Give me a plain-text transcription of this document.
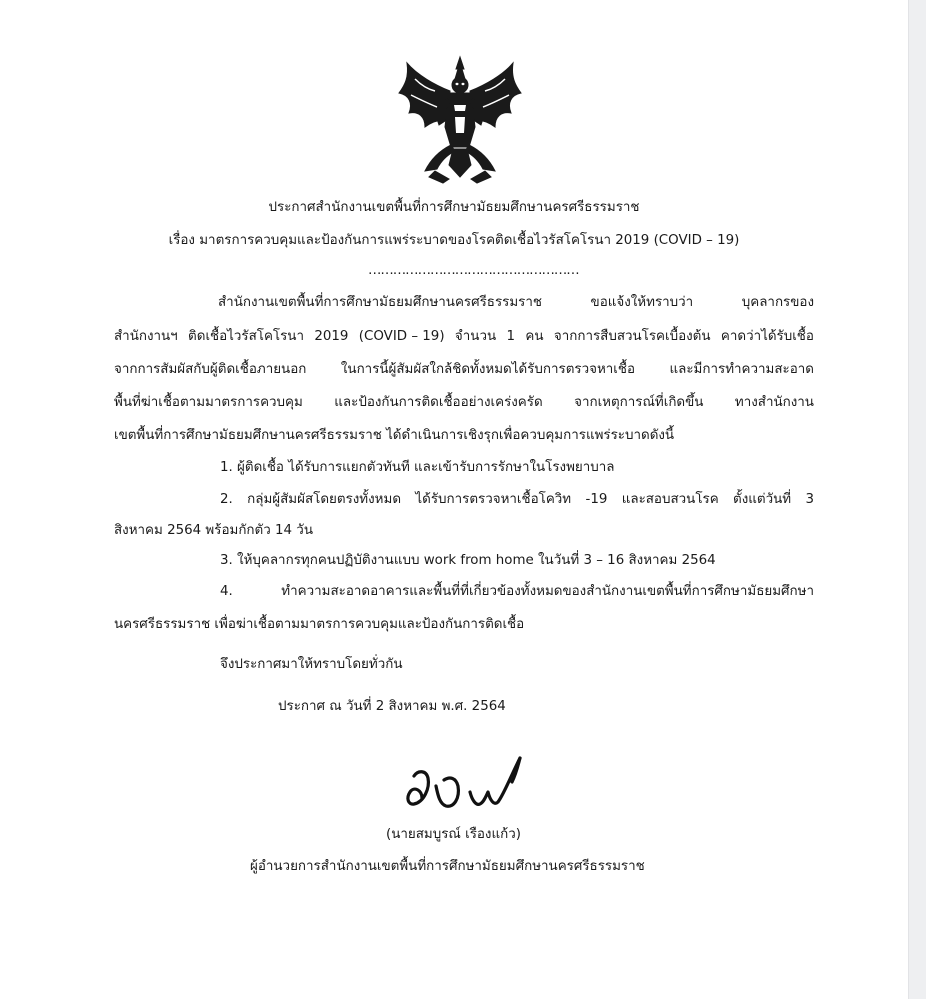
ประกาศสำนักงานเขตพื้นที่การศึกษามัธยมศึกษานครศรีธรรมราช
เรื่อง มาตรการควบคุมและป้องกันการแพร่ระบาดของโรคติดเชื้อไวรัสโคโรนา 2019 (COVID – 19)
……………………………………………
สำนักงานเขตพื้นที่การศึกษามัธยมศึกษานครศรีธรรมราช	ขอแจ้งให้ทราบว่า	บุคลากรของ
สำนักงานฯ ติดเชื้อไวรัสโคโรนา 2019 (COVID – 19) จำนวน 1 คน จากการสืบสวนโรคเบื้องต้น คาดว่าได้รับเชื้อ
จากการสัมผัสกับผู้ติดเชื้อภายนอก	ในการนี้ผู้สัมผัสใกล้ชิดทั้งหมดได้รับการตรวจหาเชื้อ	และมีการทำความสะอาด
พื้นที่ฆ่าเชื้อตามมาตรการควบคุม และป้องกันการติดเชื้ออย่างเคร่งครัด จากเหตุการณ์ที่เกิดขึ้น ทางสำนักงาน
เขตพื้นที่การศึกษามัธยมศึกษานครศรีธรรมราช ได้ดำเนินการเชิงรุกเพื่อควบคุมการแพร่ระบาดดังนี้
1. ผู้ติดเชื้อ ได้รับการแยกตัวทันที และเข้ารับการรักษาในโรงพยาบาล
2. กลุ่มผู้สัมผัสโดยตรงทั้งหมด ได้รับการตรวจหาเชื้อโควิท -19 และสอบสวนโรค ตั้งแต่วันที่ 3
สิงหาคม 2564 พร้อมกักตัว 14 วัน
3. ให้บุคลากรทุกคนปฏิบัติงานแบบ work from home ในวันที่ 3 – 16 สิงหาคม 2564
4.	ทำความสะอาดอาคารและพื้นที่ที่เกี่ยวข้องทั้งหมดของสำนักงานเขตพื้นที่การศึกษามัธยมศึกษา
นครศรีธรรมราช เพื่อฆ่าเชื้อตามมาตรการควบคุมและป้องกันการติดเชื้อ
จึงประกาศมาให้ทราบโดยทั่วกัน
ประกาศ ณ วันที่ 2 สิงหาคม พ.ศ. 2564
(นายสมบูรณ์ เรืองแก้ว)
ผู้อำนวยการสำนักงานเขตพื้นที่การศึกษามัธยมศึกษานครศรีธรรมราช
